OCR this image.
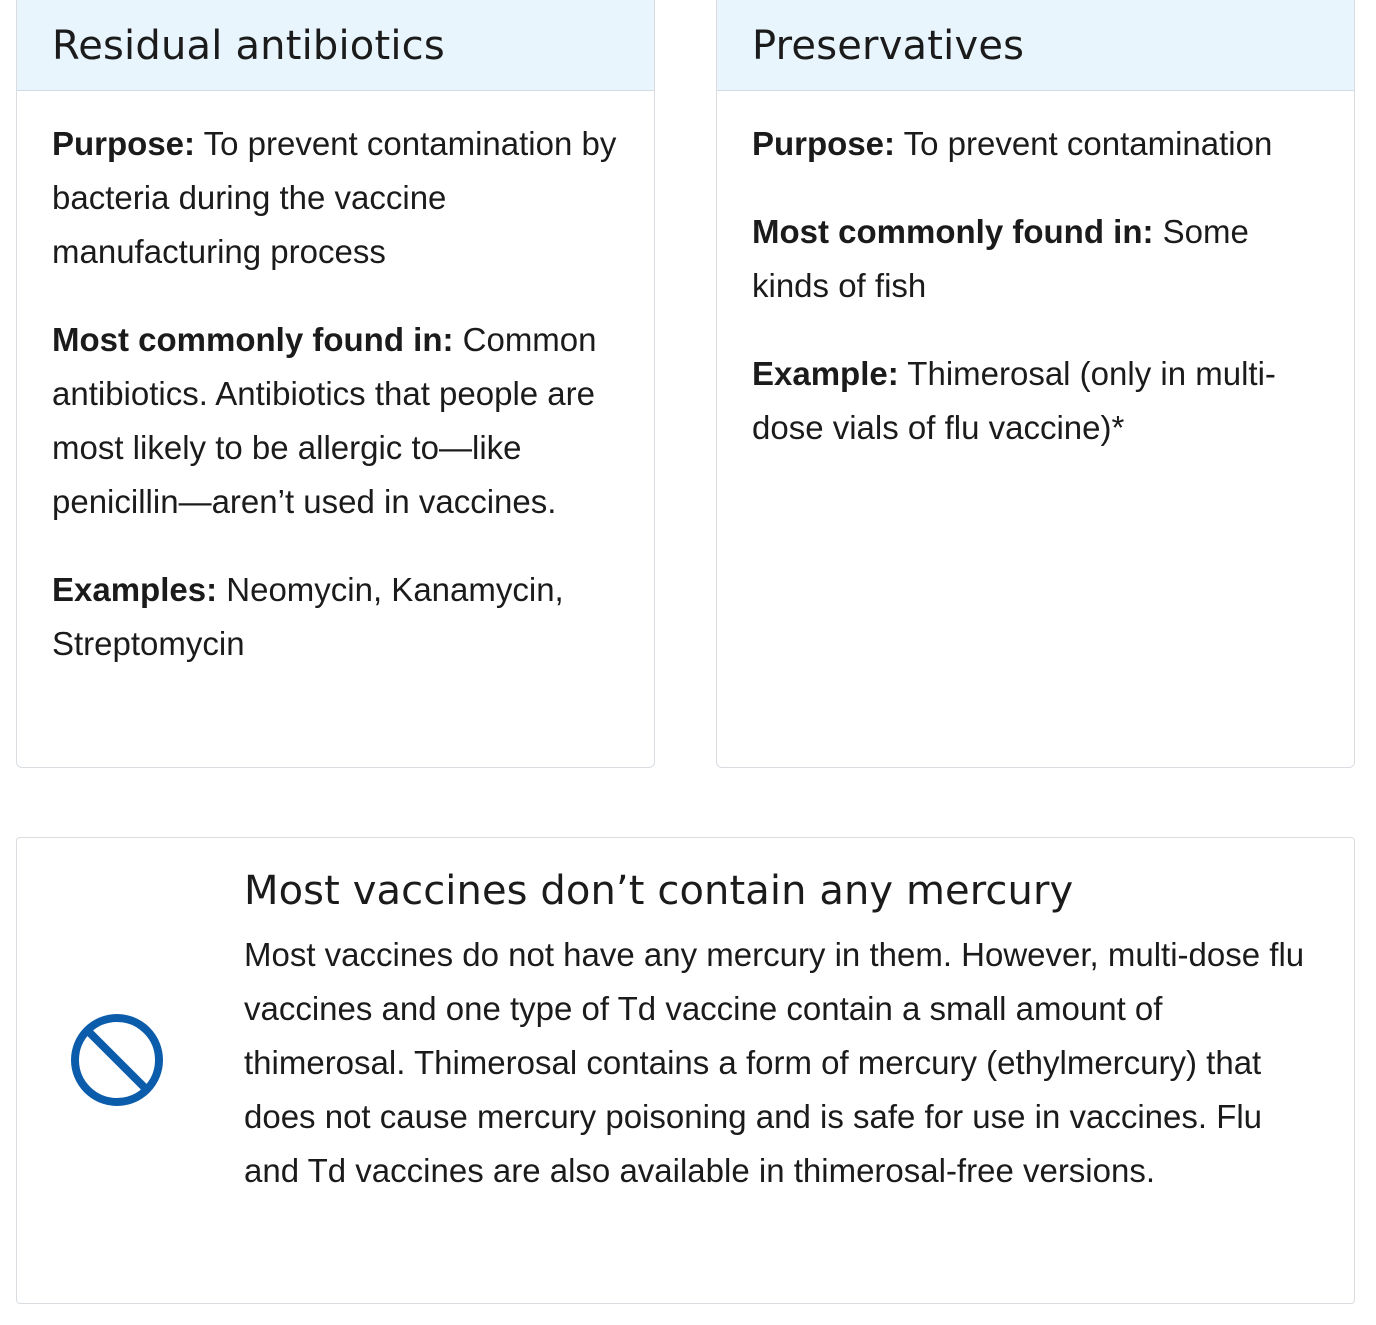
Residual antibiotics

Purpose: To prevent contamination by bacteria during the vaccine manufacturing process

Most commonly found in: Common antibiotics. Antibiotics that people are most likely to be allergic to—like penicillin—aren’t used in vaccines.

Examples: Neomycin, Kanamycin, Streptomycin

Preservatives

Purpose: To prevent contamination

Most commonly found in: Some kinds of fish

Example: Thimerosal (only in multi-dose vials of flu vaccine)*

Most vaccines don’t contain any mercury

Most vaccines do not have any mercury in them. However, multi-dose flu vaccines and one type of Td vaccine contain a small amount of thimerosal. Thimerosal contains a form of mercury (ethylmercury) that does not cause mercury poisoning and is safe for use in vaccines. Flu and Td vaccines are also available in thimerosal-free versions.
